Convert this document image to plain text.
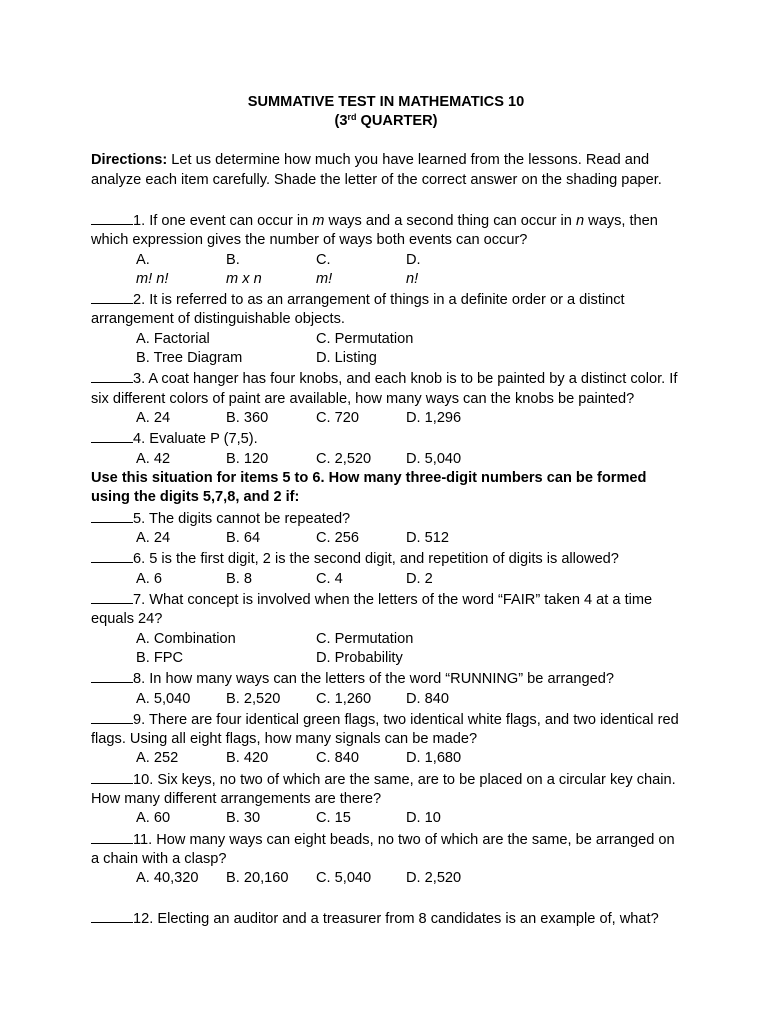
SUMMATIVE TEST IN MATHEMATICS 10

(3rd QUARTER)

Directions: Let us determine how much you have learned from the lessons. Read and analyze each item carefully. Shade the letter of the correct answer on the shading paper.

1. If one event can occur in m ways and a second thing can occur in n ways, then which expression gives the number of ways both events can occur?

A.m! n!
B.m x n
C.m!
D.n!

2. It is referred to as an arrangement of things in a definite order or a distinct arrangement of distinguishable objects.

A. Factorial	C. Permutation
B. Tree Diagram	D. Listing

3. A coat hanger has four knobs, and each knob is to be painted by a distinct color. If six different colors of paint are available, how many ways can the knobs be painted?

A. 24	B. 360	C. 720	D. 1,296

4. Evaluate P (7,5).

A. 42	B. 120	C. 2,520	D. 5,040

Use this situation for items 5 to 6. How many three-digit numbers can be formed using the digits 5,7,8, and 2 if:

5. The digits cannot be repeated?

A. 24	B. 64	C. 256	D. 512

6. 5 is the first digit, 2 is the second digit, and repetition of digits is allowed?

A. 6	B. 8	C. 4	D. 2

7. What concept is involved when the letters of the word “FAIR” taken 4 at a time equals 24?

A. Combination	C. Permutation
B. FPC	D. Probability

8. In how many ways can the letters of the word “RUNNING” be arranged?

A. 5,040	B. 2,520	C. 1,260	D. 840

9. There are four identical green flags, two identical white flags, and two identical red flags. Using all eight flags, how many signals can be made?

A. 252	B. 420	C. 840	D. 1,680

10. Six keys, no two of which are the same, are to be placed on a circular key chain. How many different arrangements are there?

A. 60	B. 30	C. 15	D. 10

11. How many ways can eight beads, no two of which are the same, be arranged on a chain with a clasp?

A. 40,320	B. 20,160	C. 5,040	D. 2,520

12. Electing an auditor and a treasurer from 8 candidates is an example of, what?
